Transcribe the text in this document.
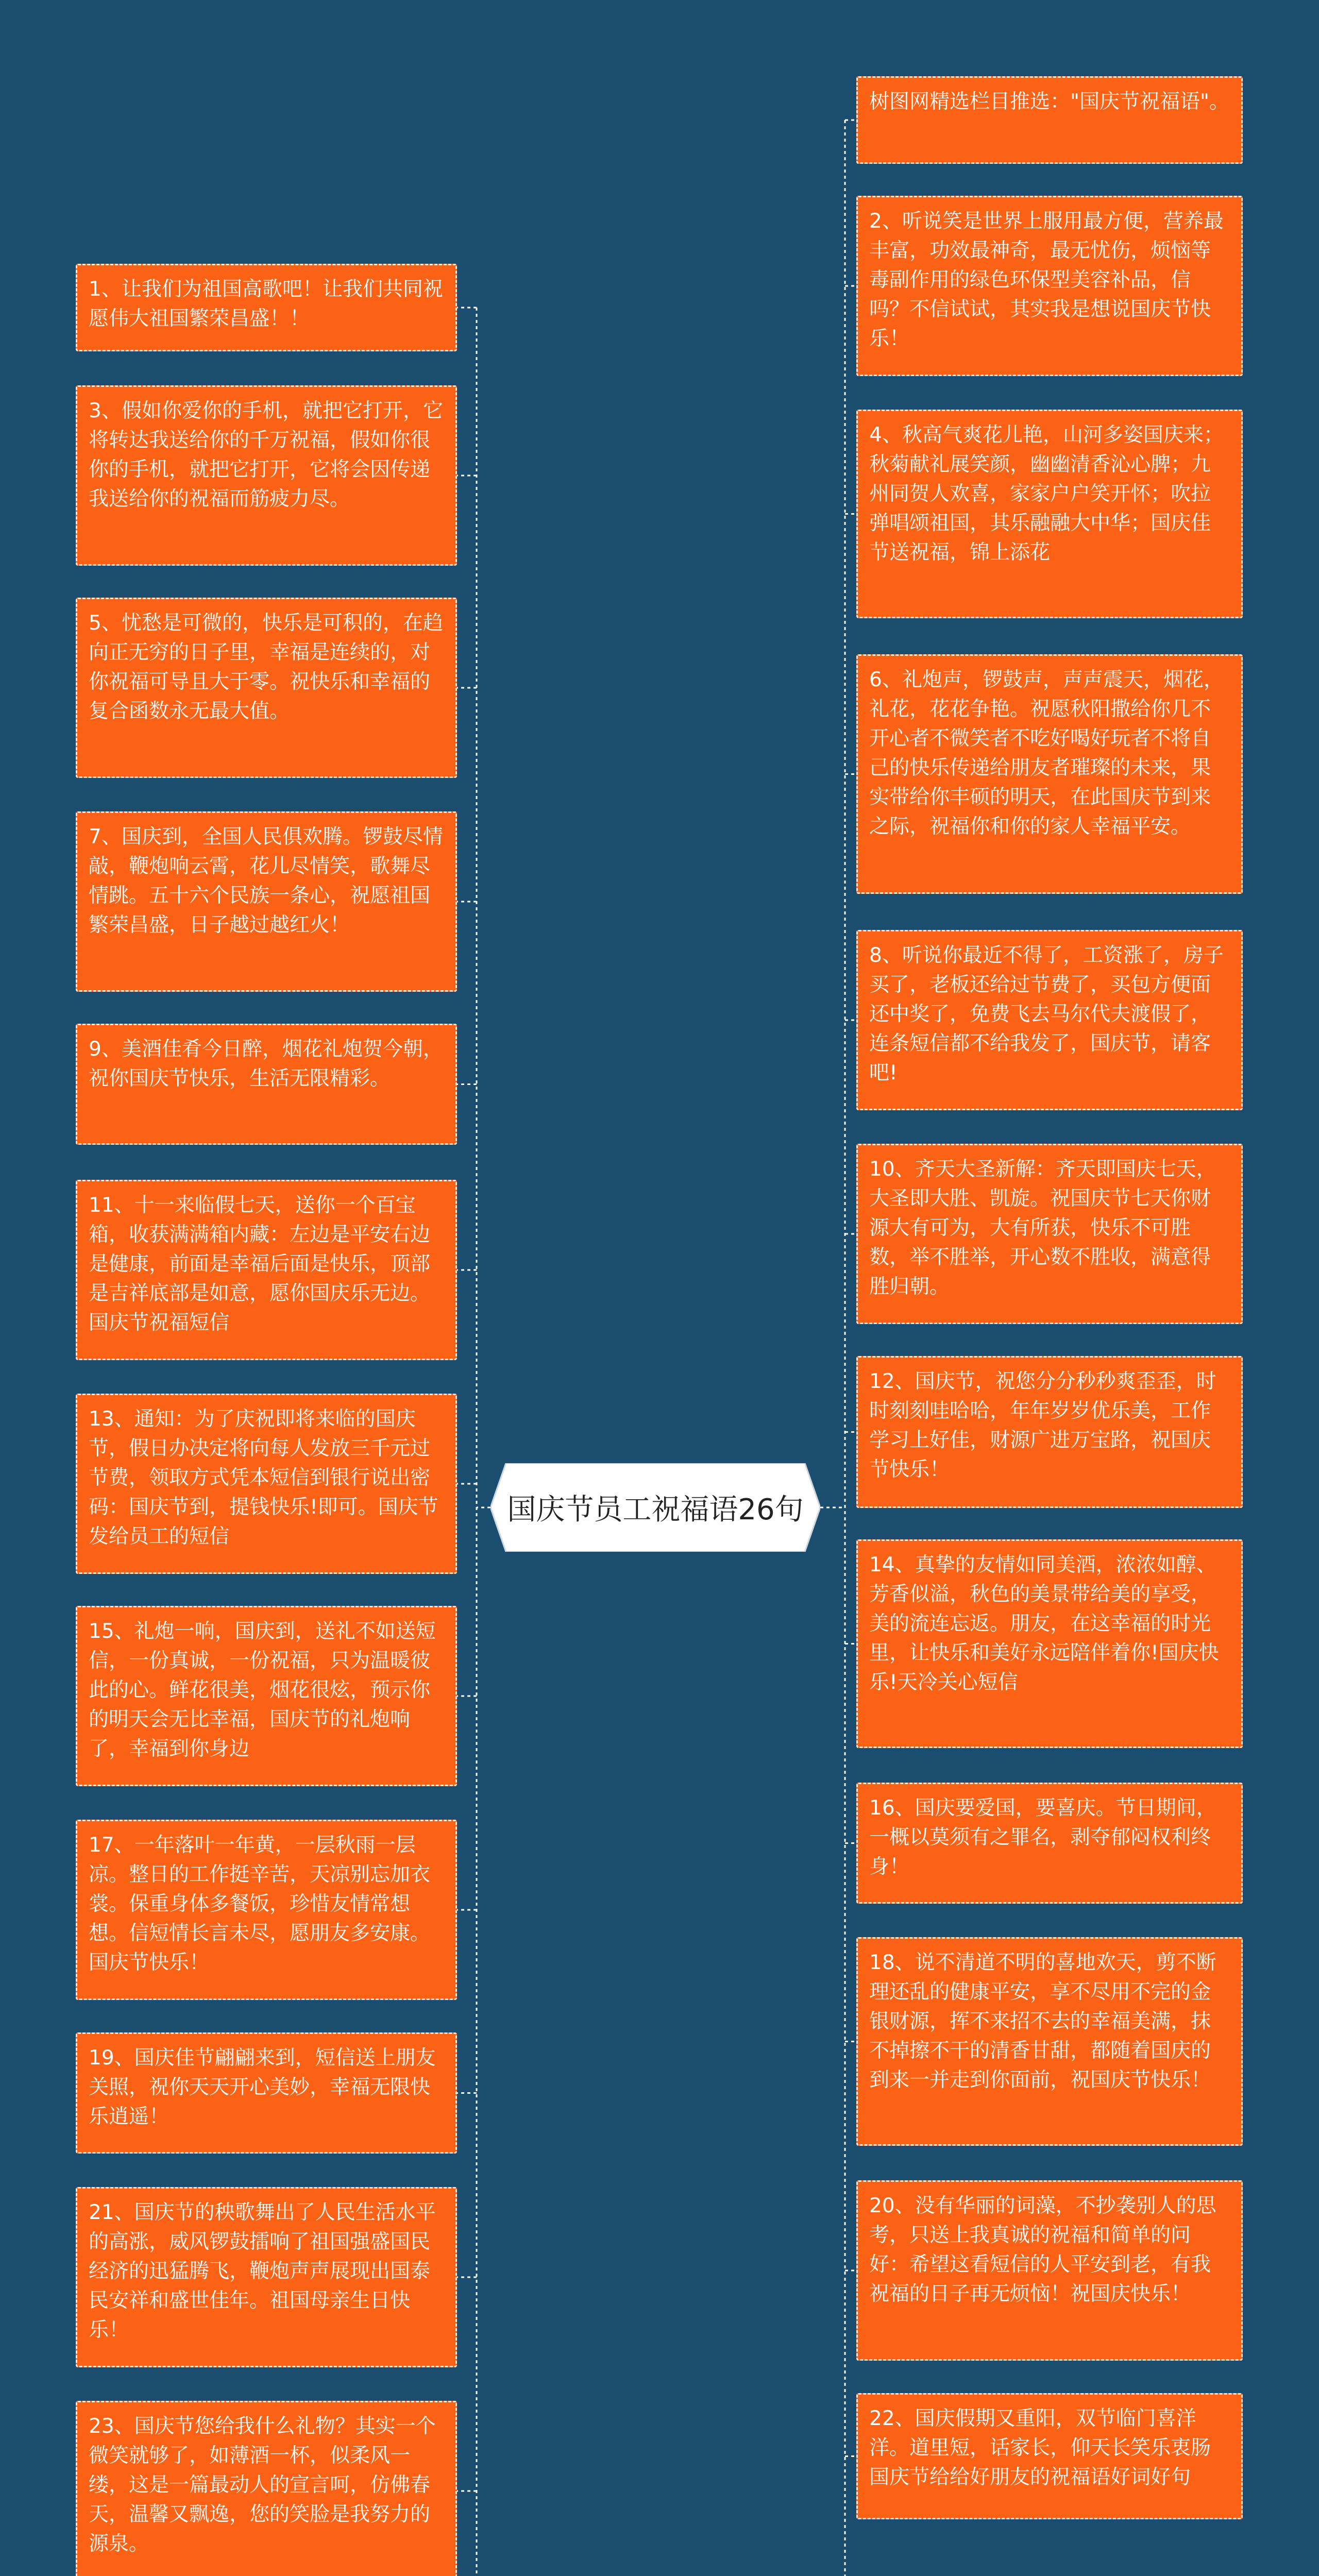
国庆节员工祝福语26句
1、让我们为祖国高歌吧！让我们共同祝愿伟大祖国繁荣昌盛！！
3、假如你爱你的手机，就把它打开，它将转达我送给你的千万祝福，假如你很你的手机，就把它打开，它将会因传递我送给你的祝福而筋疲力尽。
5、忧愁是可微的，快乐是可积的，在趋向正无穷的日子里，幸福是连续的，对你祝福可导且大于零。祝快乐和幸福的复合函数永无最大值。
7、国庆到，全国人民俱欢腾。锣鼓尽情敲，鞭炮响云霄，花儿尽情笑，歌舞尽情跳。五十六个民族一条心，祝愿祖国繁荣昌盛，日子越过越红火！
9、美酒佳肴今日醉，烟花礼炮贺今朝，祝你国庆节快乐，生活无限精彩。
11、十一来临假七天，送你一个百宝箱，收获满满箱内藏：左边是平安右边是健康，前面是幸福后面是快乐，顶部是吉祥底部是如意，愿你国庆乐无边。国庆节祝福短信
13、通知：为了庆祝即将来临的国庆节，假日办决定将向每人发放三千元过节费，领取方式凭本短信到银行说出密码：国庆节到，提钱快乐!即可。国庆节发给员工的短信
15、礼炮一响，国庆到，送礼不如送短信，一份真诚，一份祝福，只为温暖彼此的心。鲜花很美，烟花很炫，预示你的明天会无比幸福，国庆节的礼炮响了，幸福到你身边
17、一年落叶一年黄，一层秋雨一层凉。整日的工作挺辛苦，天凉别忘加衣裳。保重身体多餐饭，珍惜友情常想想。信短情长言未尽，愿朋友多安康。国庆节快乐！
19、国庆佳节翩翩来到，短信送上朋友关照，祝你天天开心美妙，幸福无限快乐逍遥！
21、国庆节的秧歌舞出了人民生活水平的高涨，威风锣鼓擂响了祖国强盛国民经济的迅猛腾飞，鞭炮声声展现出国泰民安祥和盛世佳年。祖国母亲生日快乐！
23、国庆节您给我什么礼物？其实一个微笑就够了，如薄酒一杯，似柔风一缕，这是一篇最动人的宣言呵，仿佛春天，温馨又飘逸，您的笑脸是我努力的源泉。
树图网精选栏目推选："国庆节祝福语"。
2、听说笑是世界上服用最方便，营养最丰富，功效最神奇，最无忧伤，烦恼等毒副作用的绿色环保型美容补品，信吗？不信试试，其实我是想说国庆节快乐！
4、秋高气爽花儿艳，山河多姿国庆来；秋菊献礼展笑颜，幽幽清香沁心脾；九州同贺人欢喜，家家户户笑开怀；吹拉弹唱颂祖国，其乐融融大中华；国庆佳节送祝福，锦上添花
6、礼炮声，锣鼓声，声声震天，烟花，礼花，花花争艳。祝愿秋阳撒给你几不开心者不微笑者不吃好喝好玩者不将自己的快乐传递给朋友者璀璨的未来，果实带给你丰硕的明天，在此国庆节到来之际，祝福你和你的家人幸福平安。
8、听说你最近不得了，工资涨了，房子买了，老板还给过节费了，买包方便面还中奖了，免费飞去马尔代夫渡假了，连条短信都不给我发了，国庆节，请客吧!
10、齐天大圣新解：齐天即国庆七天，大圣即大胜、凯旋。祝国庆节七天你财源大有可为，大有所获，快乐不可胜数，举不胜举，开心数不胜收，满意得胜归朝。
12、国庆节，祝您分分秒秒爽歪歪，时时刻刻哇哈哈，年年岁岁优乐美，工作学习上好佳，财源广进万宝路，祝国庆节快乐！
14、真挚的友情如同美酒，浓浓如醇、芳香似溢，秋色的美景带给美的享受，美的流连忘返。朋友，在这幸福的时光里，让快乐和美好永远陪伴着你!国庆快乐!天冷关心短信
16、国庆要爱国，要喜庆。节日期间，一概以莫须有之罪名，剥夺郁闷权利终身！
18、说不清道不明的喜地欢天，剪不断理还乱的健康平安，享不尽用不完的金银财源，挥不来招不去的幸福美满，抹不掉擦不干的清香甘甜，都随着国庆的到来一并走到你面前，祝国庆节快乐！
20、没有华丽的词藻，不抄袭别人的思考，只送上我真诚的祝福和简单的问好：希望这看短信的人平安到老，有我祝福的日子再无烦恼！祝国庆快乐！
22、国庆假期又重阳，双节临门喜洋洋。道里短，话家长，仰天长笑乐衷肠国庆节给给好朋友的祝福语好词好句
